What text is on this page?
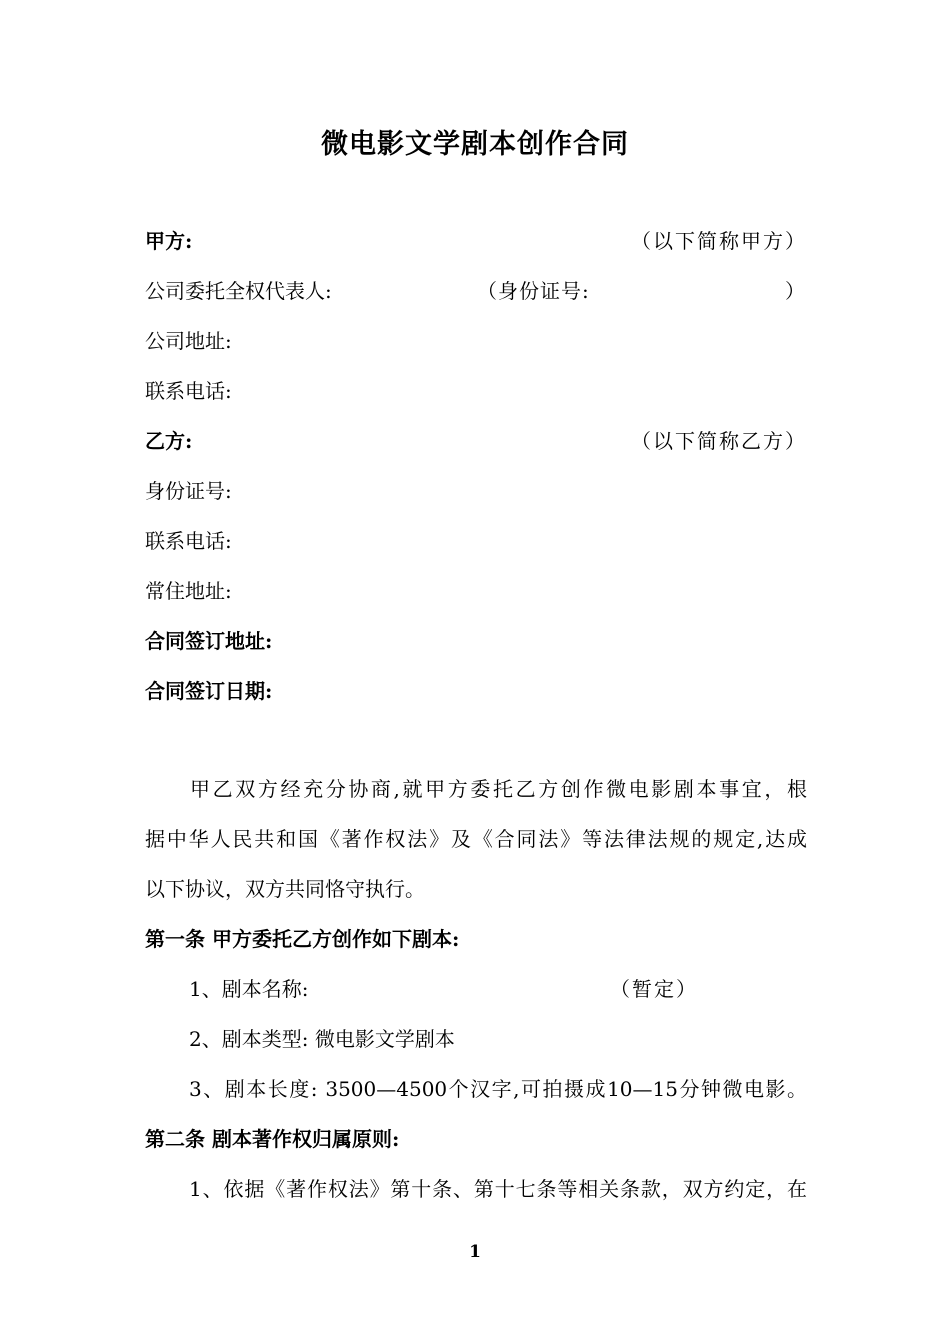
微电影文学剧本创作合同
甲方:	（以下简称甲方）
公司委托全权代表人:	（身份证号:	）
公司地址:
联系电话:
乙方:	（以下简称乙方）
身份证号:
联系电话:
常住地址:
合同签订地址:
合同签订日期:
甲乙双方经充分协商,就甲方委托乙方创作微电影剧本事宜，根
据中华人民共和国《著作权法》及《合同法》等法律法规的规定,达成
以下协议，双方共同恪守执行。
第一条 甲方委托乙方创作如下剧本:
1、剧本名称:	（暂定）
2、剧本类型: 微电影文学剧本
3、剧本长度: 3500—4500个汉字,可拍摄成10—15分钟微电影。
第二条 剧本著作权归属原则:
1、依据《著作权法》第十条、第十七条等相关条款，双方约定，在
1
